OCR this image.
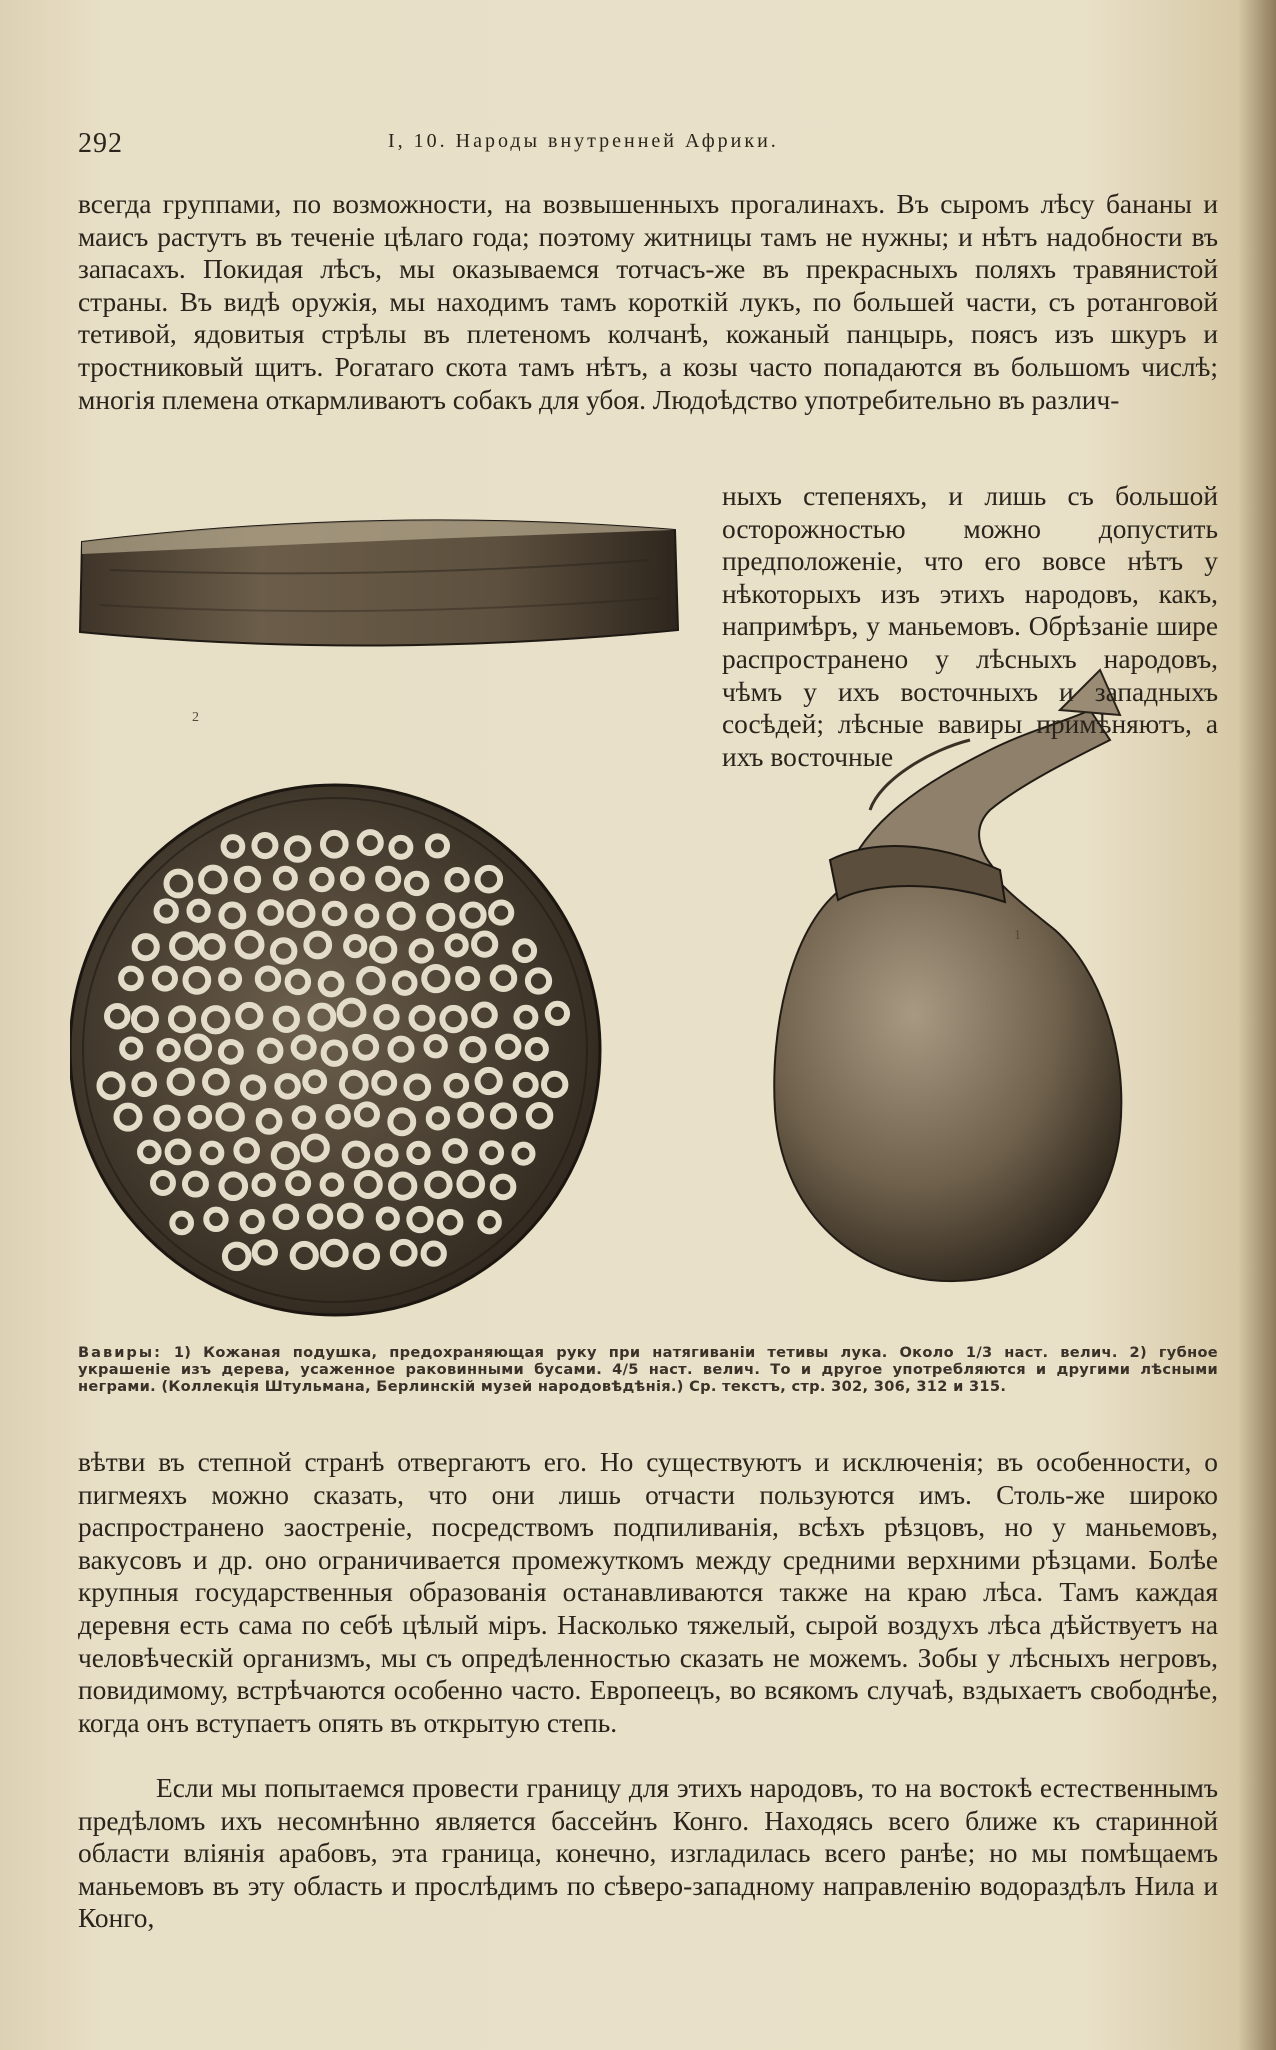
292	I, 10. Народы внутренней Африки.

всегда группами, по возможности, на возвышенныхъ прогалинахъ. Въ сыромъ лѣсу бананы и маисъ растутъ въ теченіе цѣлаго года; поэтому житницы тамъ не нужны; и нѣтъ надобности въ запасахъ. Покидая лѣсъ, мы оказываемся тотчасъ-же въ прекрасныхъ поляхъ травянистой страны. Въ видѣ оружія, мы находимъ тамъ короткій лукъ, по большей части, съ ротанговой тетивой, ядовитыя стрѣлы въ плетеномъ колчанѣ, кожаный панцырь, поясъ изъ шкуръ и тростниковый щитъ. Рогатаго скота тамъ нѣтъ, а козы часто попадаются въ большомъ числѣ; многія племена откармливаютъ собакъ для убоя. Людоѣдство употребительно въ различ-

2
1

ныхъ степеняхъ, и лишь съ большой осторожностью можно допустить предположеніе, что его вовсе нѣтъ у нѣкоторыхъ изъ этихъ народовъ, какъ, напримѣръ, у маньемовъ. Обрѣзаніе шире распространено у лѣсныхъ народовъ, чѣмъ у ихъ восточныхъ и западныхъ сосѣдей; лѣсные вавиры примѣняютъ, а ихъ восточные

Вавиры: 1) Кожаная подушка, предохраняющая руку при натягиваніи тетивы лука. Около 1/3 наст. велич. 2) губное украшеніе изъ дерева, усаженное раковинными бусами. 4/5 наст. велич. То и другое употребляются и другими лѣсными неграми. (Коллекція Штульмана, Берлинскій музей народовѣдѣнія.) Ср. текстъ, стр. 302, 306, 312 и 315.

вѣтви въ степной странѣ отвергаютъ его. Но существуютъ и исключенія; въ особенности, о пигмеяхъ можно сказать, что они лишь отчасти пользуются имъ. Столь-же широко распространено заостреніе, посредствомъ подпиливанія, всѣхъ рѣзцовъ, но у маньемовъ, вакусовъ и др. оно ограничивается промежуткомъ между средними верхними рѣзцами. Болѣе крупныя государственныя образованія останавливаются также на краю лѣса. Тамъ каждая деревня есть сама по себѣ цѣлый міръ. Насколько тяжелый, сырой воздухъ лѣса дѣйствуетъ на человѣческій организмъ, мы съ опредѣленностью сказать не можемъ. Зобы у лѣсныхъ негровъ, повидимому, встрѣчаются особенно часто. Европеецъ, во всякомъ случаѣ, вздыхаетъ свободнѣе, когда онъ вступаетъ опять въ открытую степь.

Если мы попытаемся провести границу для этихъ народовъ, то на востокѣ естественнымъ предѣломъ ихъ несомнѣнно является бассейнъ Конго. Находясь всего ближе къ старинной области вліянія арабовъ, эта граница, конечно, изгладилась всего ранѣе; но мы помѣщаемъ маньемовъ въ эту область и прослѣдимъ по сѣверо-западному направленію водораздѣлъ Нила и Конго,
